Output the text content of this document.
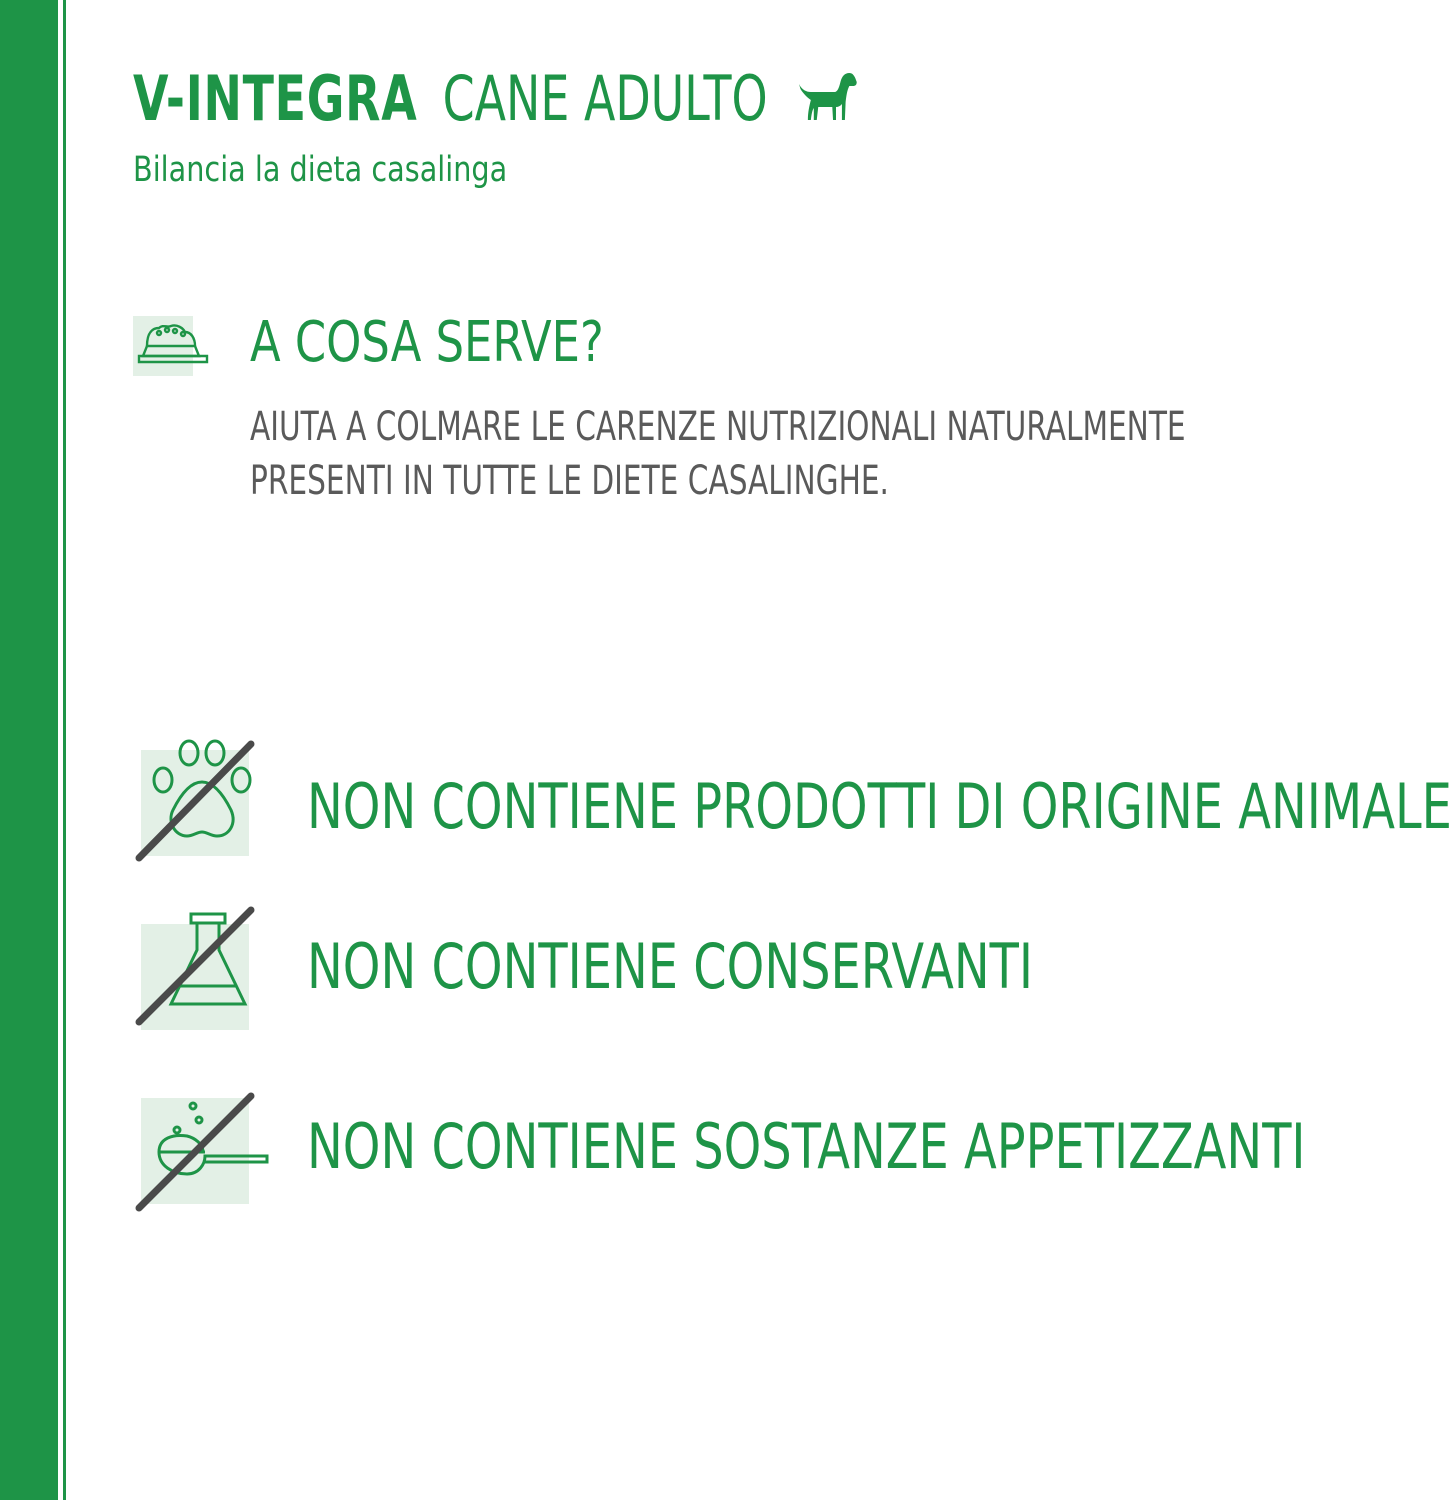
V-INTEGRA CANE ADULTO
Bilancia la dieta casalinga
A COSA SERVE?
AIUTA A COLMARE LE CARENZE NUTRIZIONALI NATURALMENTE
PRESENTI IN TUTTE LE DIETE CASALINGHE.
NON CONTIENE PRODOTTI DI ORIGINE ANIMALE
NON CONTIENE CONSERVANTI
NON CONTIENE SOSTANZE APPETIZZANTI
